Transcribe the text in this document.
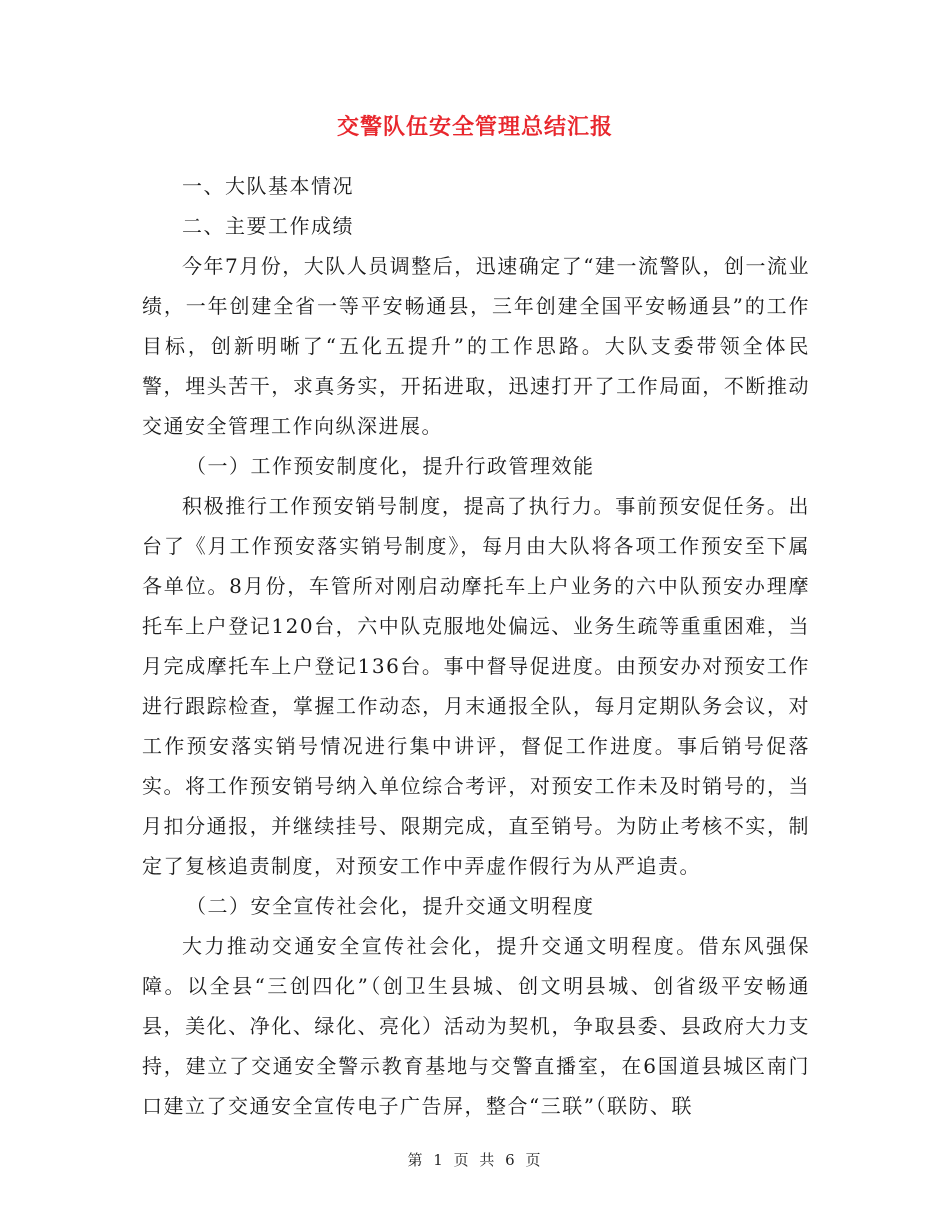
交警队伍安全管理总结汇报

一、大队基本情况

二、主要工作成绩

今年7月份，大队人员调整后，迅速确定了“建一流警队，创一流业绩，一年创建全省一等平安畅通县，三年创建全国平安畅通县”的工作目标，创新明晰了“五化五提升”的工作思路。大队支委带领全体民警，埋头苦干，求真务实，开拓进取，迅速打开了工作局面，不断推动交通安全管理工作向纵深进展。

（一）工作预安制度化，提升行政管理效能

积极推行工作预安销号制度，提高了执行力。事前预安促任务。出台了《月工作预安落实销号制度》，每月由大队将各项工作预安至下属各单位。8月份，车管所对刚启动摩托车上户业务的六中队预安办理摩托车上户登记120台，六中队克服地处偏远、业务生疏等重重困难，当月完成摩托车上户登记136台。事中督导促进度。由预安办对预安工作进行跟踪检查，掌握工作动态，月末通报全队，每月定期队务会议，对工作预安落实销号情况进行集中讲评，督促工作进度。事后销号促落实。将工作预安销号纳入单位综合考评，对预安工作未及时销号的，当月扣分通报，并继续挂号、限期完成，直至销号。为防止考核不实，制定了复核追责制度，对预安工作中弄虚作假行为从严追责。

（二）安全宣传社会化，提升交通文明程度

大力推动交通安全宣传社会化，提升交通文明程度。借东风强保障。以全县“三创四化”（创卫生县城、创文明县城、创省级平安畅通县，美化、净化、绿化、亮化）活动为契机，争取县委、县政府大力支持，建立了交通安全警示教育基地与交警直播室，在6国道县城区南门口建立了交通安全宣传电子广告屏，整合“三联”（联防、联

第 1 页 共 6 页
